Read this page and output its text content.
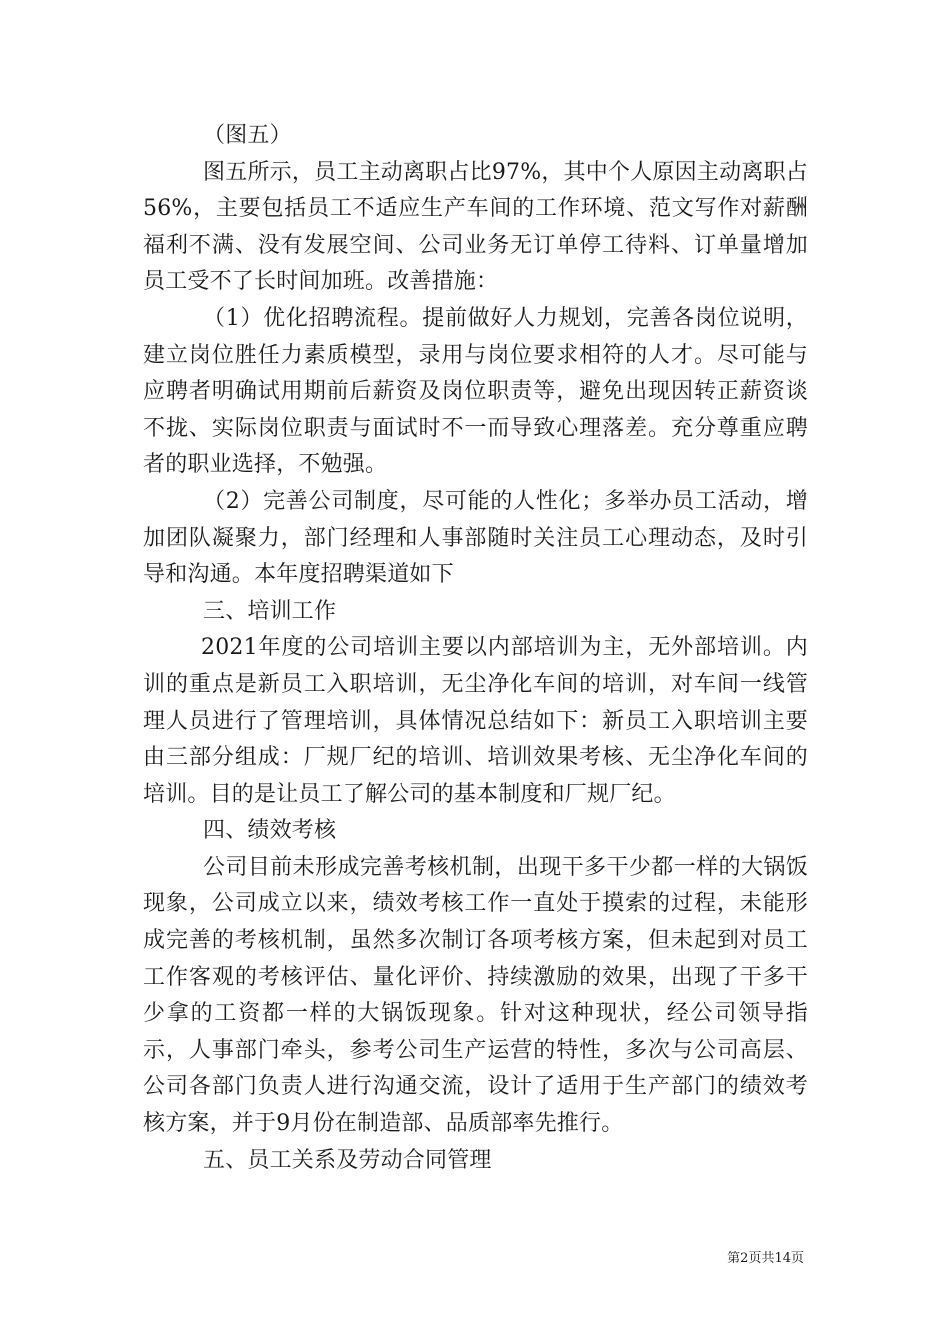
（图五）

图五所示，员工主动离职占比97%，其中个人原因主动离职占56%，主要包括员工不适应生产车间的工作环境、范文写作对薪酬福利不满、没有发展空间、公司业务无订单停工待料、订单量增加员工受不了长时间加班。改善措施：

（1）优化招聘流程。提前做好人力规划，完善各岗位说明，建立岗位胜任力素质模型，录用与岗位要求相符的人才。尽可能与应聘者明确试用期前后薪资及岗位职责等，避免出现因转正薪资谈不拢、实际岗位职责与面试时不一而导致心理落差。充分尊重应聘者的职业选择，不勉强。

（2）完善公司制度，尽可能的人性化；多举办员工活动，增加团队凝聚力，部门经理和人事部随时关注员工心理动态，及时引导和沟通。本年度招聘渠道如下

三、培训工作

2021年度的公司培训主要以内部培训为主，无外部培训。内训的重点是新员工入职培训，无尘净化车间的培训，对车间一线管理人员进行了管理培训，具体情况总结如下：新员工入职培训主要由三部分组成：厂规厂纪的培训、培训效果考核、无尘净化车间的培训。目的是让员工了解公司的基本制度和厂规厂纪。

四、绩效考核

公司目前未形成完善考核机制，出现干多干少都一样的大锅饭现象，公司成立以来，绩效考核工作一直处于摸索的过程，未能形成完善的考核机制，虽然多次制订各项考核方案，但未起到对员工工作客观的考核评估、量化评价、持续激励的效果，出现了干多干少拿的工资都一样的大锅饭现象。针对这种现状，经公司领导指示，人事部门牵头，参考公司生产运营的特性，多次与公司高层、公司各部门负责人进行沟通交流，设计了适用于生产部门的绩效考核方案，并于9月份在制造部、品质部率先推行。

五、员工关系及劳动合同管理

第2页共14页
